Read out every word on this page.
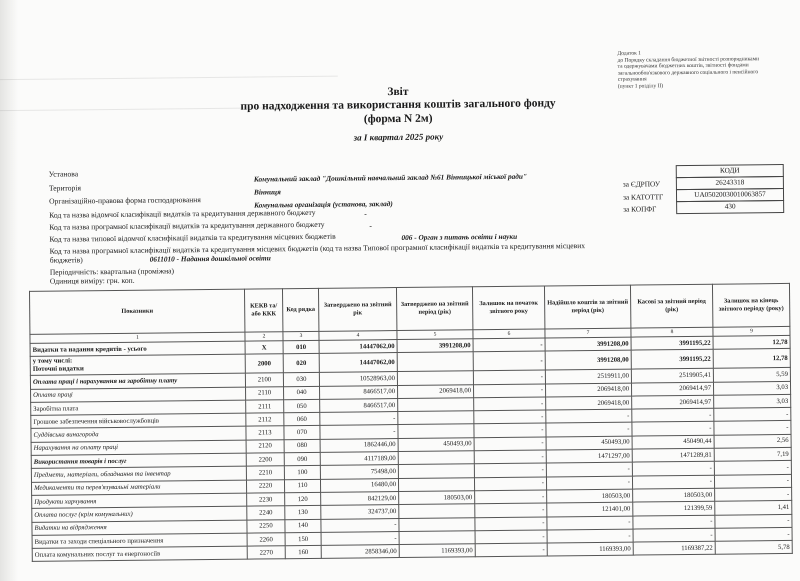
Додаток 1
до Порядку складання бюджетної звітності розпорядниками
та одержувачами бюджетних коштів, звітності фондами
загальнообов'язкового державного соціального і пенсійного
страхування
(пункт 1 розділу II)
Звіт
про надходження та використання коштів загального фонду
(форма N 2м)
за I квартал 2025 року
Установа	Комунальний заклад "Дошкільний навчальний заклад №61 Вінницької міської ради"
Територія	Вінниця
Організаційно-правова форма господарювання	Комунальна організація (установа, заклад)
Код та назва відомчої класифікації видатків та кредитування державного бюджету	-
Код та назва програмної класифікації видатків та кредитування державного бюджету	-
Код та назва типової відомчої класифікації видатків та кредитування місцевих бюджетів	006 - Орган з питань освіти і науки
Код та назва програмної класифікації видатків та кредитування місцевих бюджетів (код та назва Типової програмної класифікації видатків та кредитування місцевих бюджетів)	0611010 - Надання дошкільної освіти
Періодичність: квартальна (проміжна)
Одиниця виміру: грн. коп.
за ЄДРПОУ
за КАТОТТГ
за КОПФГ
КОДИ
26243318
UA05020030010063857
430
Показники	КЕКВ та/або ККК	Код рядка	Затверджено на звітний рік	Затверджено на звітний період (рік)	Залишок на початок звітного року	Надійшло коштів за звітний період (рік)	Касові за звітний період (рік)	Залишок на кінець звітного періоду (року)
1	2	3	4	5	6	7	8	9
Видатки та надання кредитів - усього	X	010	14447062,00	3991208,00	-	3991208,00	3991195,22	12,78
у тому числі:
Поточні видатки	2000	020	14447062,00		-	3991208,00	3991195,22	12,78
Оплата праці і нарахування на заробітну плату	2100	030	10528963,00		-	2519911,00	2519905,41	5,59
Оплата праці	2110	040	8466517,00	2069418,00	-	2069418,00	2069414,97	3,03
Заробітна плата	2111	050	8466517,00		-	2069418,00	2069414,97	3,03
Грошове забезпечення військовослужбовців	2112	060	-		-	-	-	-
Суддівська винагорода	2113	070	-		-	-	-	-
Нарахування на оплату праці	2120	080	1862446,00	450493,00	-	450493,00	450490,44	2,56
Використання товарів і послуг	2200	090	4117189,00		-	1471297,00	1471289,81	7,19
Предмети, матеріали, обладнання та інвентар	2210	100	75498,00		-	-	-	-
Медикаменти та перев'язувальні матеріали	2220	110	16480,00		-	-	-	-
Продукти харчування	2230	120	842129,00	180503,00	-	180503,00	180503,00	-
Оплата послуг (крім комунальних)	2240	130	324737,00		-	121401,00	121399,59	1,41
Видатки на відрядження	2250	140	-		-	-	-	-
Видатки та заходи спеціального призначення	2260	150	-		-	-	-	-
Оплата комунальних послуг та енергоносіїв	2270	160	2858346,00	1169393,00	-	1169393,00	1169387,22	5,78
